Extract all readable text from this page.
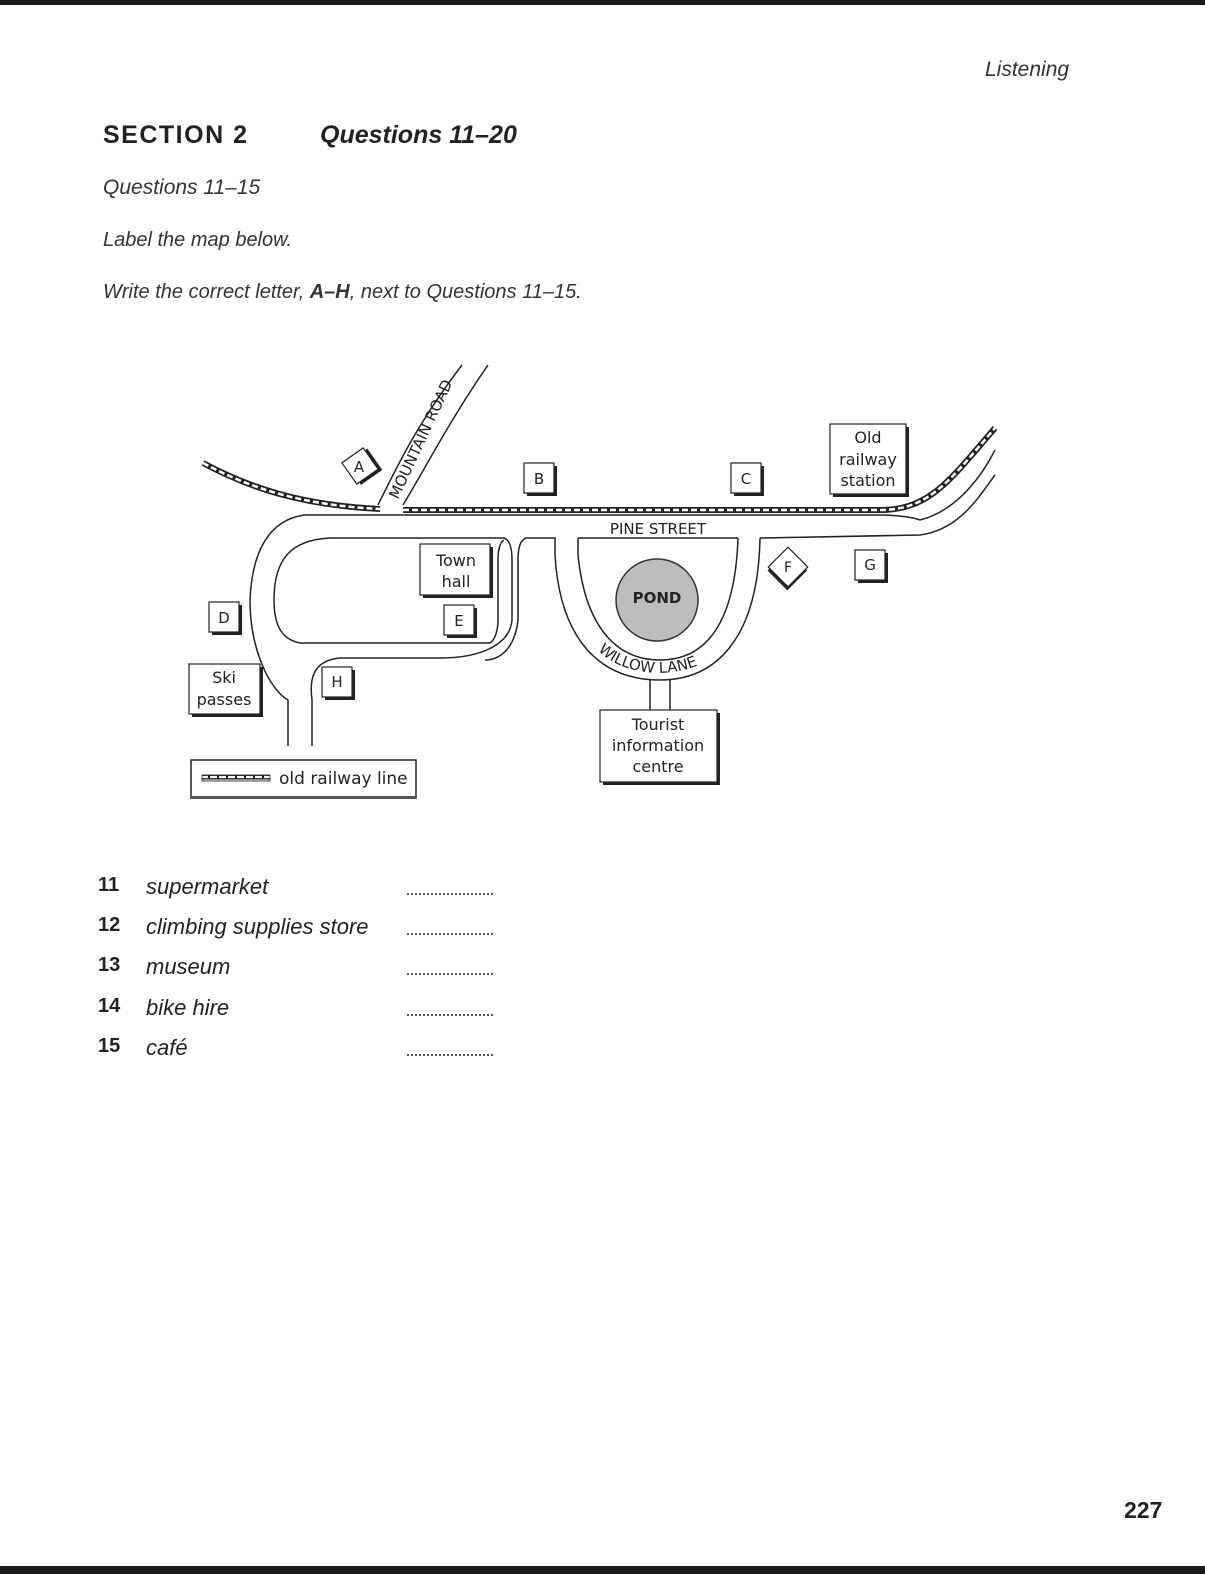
Listening
SECTION 2	Questions 11–20
Questions 11–15
Label the map below.
Write the correct letter, A–H, next to Questions 11–15.
MOUNTAIN ROAD
PINE STREET
POND
WILLOW LANE
Old
railway
station
Town
hall
Ski
passes
Tourist
information
centre
A
B	C
D	E
F	G
H
old railway line
11 supermarket
12 climbing supplies store
13 museum
14 bike hire
15 café
227
